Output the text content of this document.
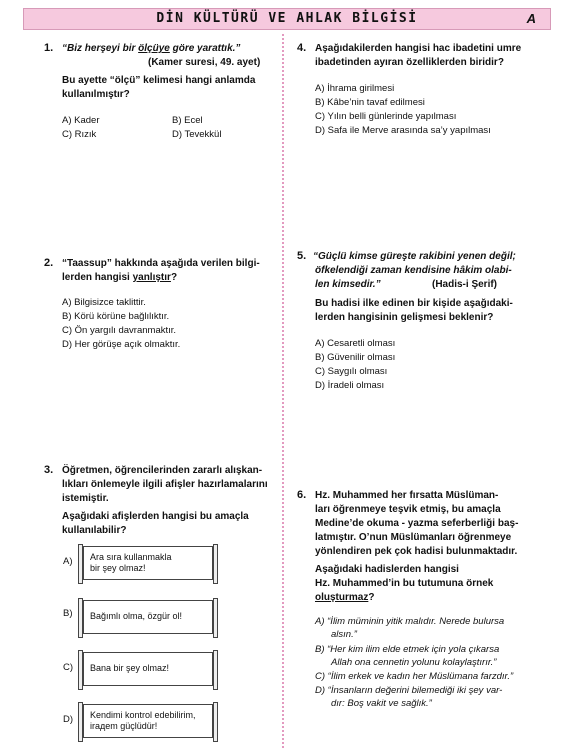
DİN KÜLTÜRÜ VE AHLAK BİLGİSİ	A
1. “Biz herşeyi bir ölçüye göre yarattık.”
(Kamer suresi, 49. ayet)
Bu ayette “ölçü” kelimesi hangi anlamda
kullanılmıştır?
A) Kader	B) Ecel
C) Rızık	D) Tevekkül
2. “Taassup” hakkında aşağıda verilen bilgi-
lerden hangisi yanlıştır?
A) Bilgisizce taklittir.
B) Körü körüne bağlılıktır.
C) Ön yargılı davranmaktır.
D) Her görüşe açık olmaktır.
3. Öğretmen, öğrencilerinden zararlı alışkan-
lıkları önlemeyle ilgili afişler hazırlamalarını
istemiştir.
Aşağıdaki afişlerden hangisi bu amaçla
kullanılabilir?
A) Ara sıra kullanmakla
bir şey olmaz!
B) Bağımlı olma, özgür ol!
C) Bana bir şey olmaz!
D) Kendimi kontrol edebilirim,
irадem güçlüdür!
4. Aşağıdakilerden hangisi hac ibadetini umre
ibadetinden ayıran özelliklerden biridir?
A) İhrama girilmesi
B) Kâbe’nin tavaf edilmesi
C) Yılın belli günlerinde yapılması
D) Safa ile Merve arasında sa’y yapılması
5. “Güçlü kimse güreşte rakibini yenen değil;
öfkelendiği zaman kendisine hâkim olabi-
len kimsedir.”	(Hadis-i Şerif)
Bu hadisi ilke edinen bir kişide aşağıdaki-
lerden hangisinin gelişmesi beklenir?
A) Cesaretli olması
B) Güvenilir olması
C) Saygılı olması
D) İradeli olması
6. Hz. Muhammed her fırsatta Müslüman-
ları öğrenmeye teşvik etmiş, bu amaçla
Medine’de okuma - yazma seferberliği baş-
latmıştır. O’nun Müslümanları öğrenmeye
yönlendiren pek çok hadisi bulunmaktadır.
Aşağıdaki hadislerden hangisi
Hz. Muhammed’in bu tutumuna örnek
oluşturmaz?
A) “İlim müminin yitik malıdır. Nerede bulursa
alsın.”
B) “Her kim ilim elde etmek için yola çıkarsa
Allah ona cennetin yolunu kolaylaştırır.”
C) “İlim erkek ve kadın her Müslümana farzdır.”
D) “İnsanların değerini bilemediği iki şey var-
dır: Boş vakit ve sağlık.”
